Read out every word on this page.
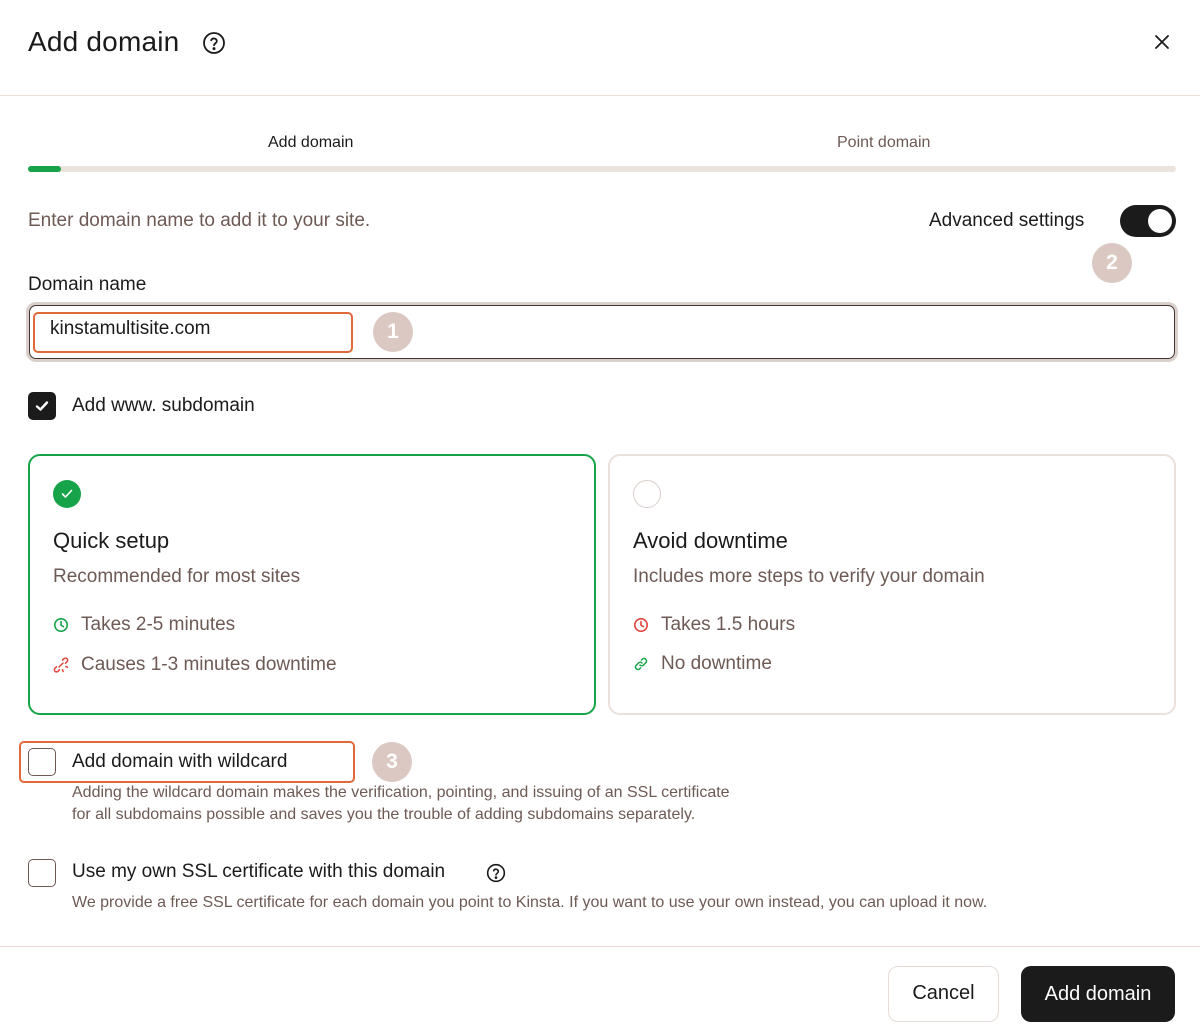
Add domain
Add domain	Point domain
Enter domain name to add it to your site.	Advanced settings
2
Domain name
kinstamultisite.com
1
Add www. subdomain
Quick setup
Recommended for most sites
Takes 2-5 minutes
Causes 1-3 minutes downtime
Avoid downtime
Includes more steps to verify your domain
Takes 1.5 hours
No downtime
Add domain with wildcard	3
Adding the wildcard domain makes the verification, pointing, and issuing of an SSL certificate
for all subdomains possible and saves you the trouble of adding subdomains separately.
Use my own SSL certificate with this domain
We provide a free SSL certificate for each domain you point to Kinsta. If you want to use your own instead, you can upload it now.
Cancel	Add domain
